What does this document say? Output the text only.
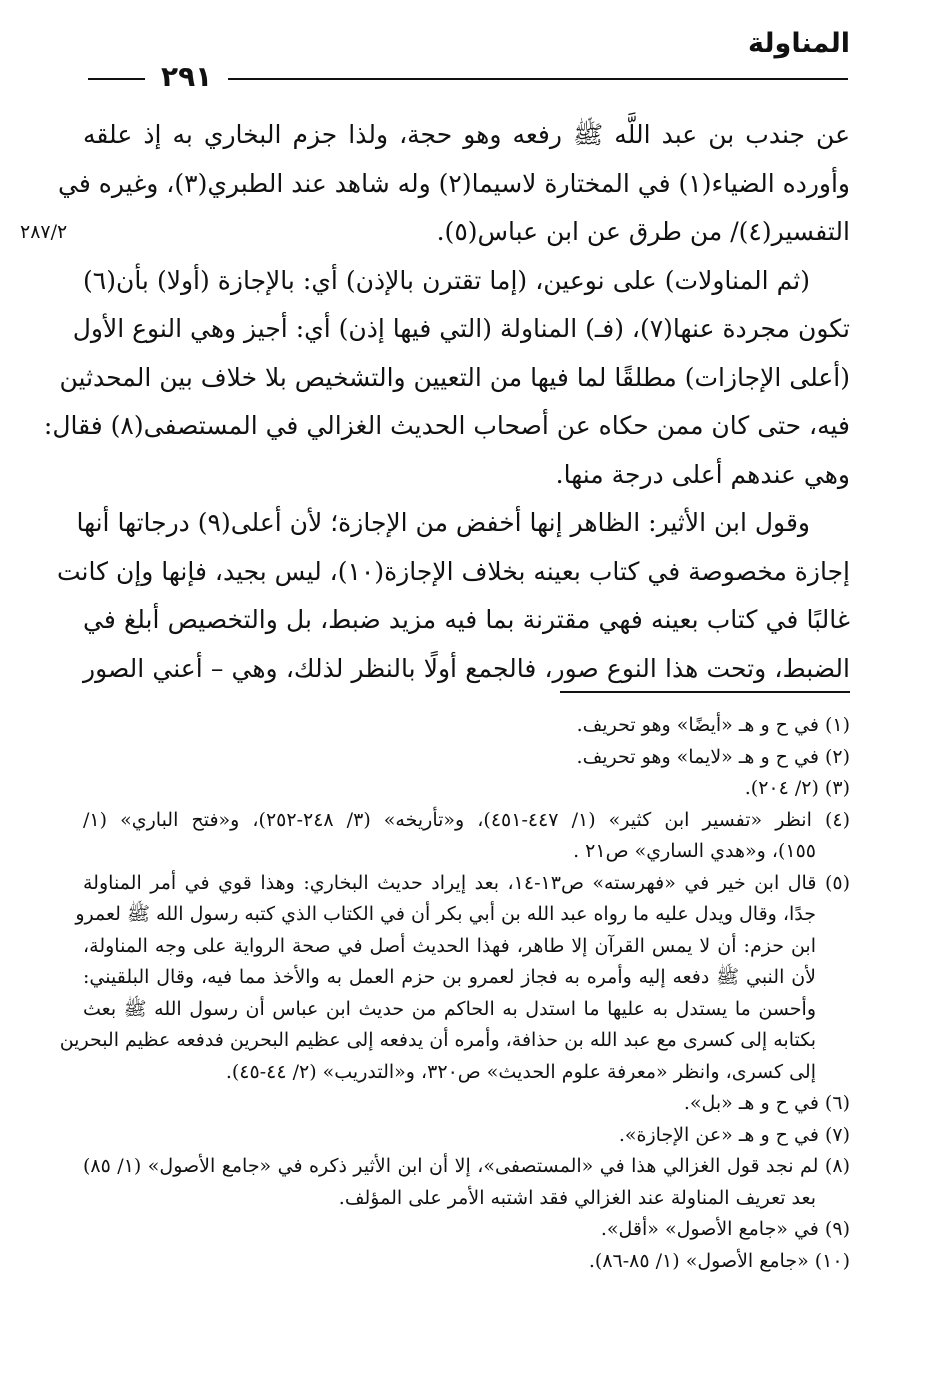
المناولة
٢٩١
٢٨٧/٢
عن جندب بن عبد اللَّه ﷺ رفعه وهو حجة، ولذا جزم البخاري به إذ علقه
وأورده الضياء(١) في المختارة لاسيما(٢) وله شاهد عند الطبري(٣)، وغيره في
التفسير(٤)/ من طرق عن ابن عباس(٥).
(ثم المناولات) على نوعين، (إما تقترن بالإذن) أي: بالإجازة (أولا) بأن(٦)
تكون مجردة عنها(٧)، (فـ) المناولة (التي فيها إذن) أي: أجيز وهي النوع الأول
(أعلى الإجازات) مطلقًا لما فيها من التعيين والتشخيص بلا خلاف بين المحدثين
فيه، حتى كان ممن حكاه عن أصحاب الحديث الغزالي في المستصفى(٨) فقال:
وهي عندهم أعلى درجة منها.
وقول ابن الأثير: الظاهر إنها أخفض من الإجازة؛ لأن أعلى(٩) درجاتها أنها
إجازة مخصوصة في كتاب بعينه بخلاف الإجازة(١٠)، ليس بجيد، فإنها وإن كانت
غالبًا في كتاب بعينه فهي مقترنة بما فيه مزيد ضبط، بل والتخصيص أبلغ في
الضبط، وتحت هذا النوع صور، فالجمع أولًا بالنظر لذلك، وهي – أعني الصور
(١) في ح و هـ «أيضًا» وهو تحريف.
(٢) في ح و هـ «لايما» وهو تحريف.
(٣) (٢/ ٢٠٤).
(٤) انظر «تفسير ابن كثير» (١/ ٤٤٧-٤٥١)، و«تأريخه» (٣/ ٢٤٨-٢٥٢)، و«فتح الباري» (١/
١٥٥)، و«هدي الساري» ص٢١ .
(٥) قال ابن خير في «فهرسته» ص١٣-١٤، بعد إيراد حديث البخاري: وهذا قوي في أمر المناولة
جدًا، وقال ويدل عليه ما رواه عبد الله بن أبي بكر أن في الكتاب الذي كتبه رسول الله ﷺ لعمرو
ابن حزم: أن لا يمس القرآن إلا طاهر، فهذا الحديث أصل في صحة الرواية على وجه المناولة،
لأن النبي ﷺ دفعه إليه وأمره به فجاز لعمرو بن حزم العمل به والأخذ مما فيه، وقال البلقيني:
وأحسن ما يستدل به عليها ما استدل به الحاكم من حديث ابن عباس أن رسول الله ﷺ بعث
بكتابه إلى كسرى مع عبد الله بن حذافة، وأمره أن يدفعه إلى عظيم البحرين فدفعه عظيم البحرين
إلى كسرى، وانظر «معرفة علوم الحديث» ص٣٢٠، و«التدريب» (٢/ ٤٤-٤٥).
(٦) في ح و هـ «بل».
(٧) في ح و هـ «عن الإجازة».
(٨) لم نجد قول الغزالي هذا في «المستصفى»، إلا أن ابن الأثير ذكره في «جامع الأصول» (١/ ٨٥)
بعد تعريف المناولة عند الغزالي فقد اشتبه الأمر على المؤلف.
(٩) في «جامع الأصول» «أقل».
(١٠) «جامع الأصول» (١/ ٨٥-٨٦).
